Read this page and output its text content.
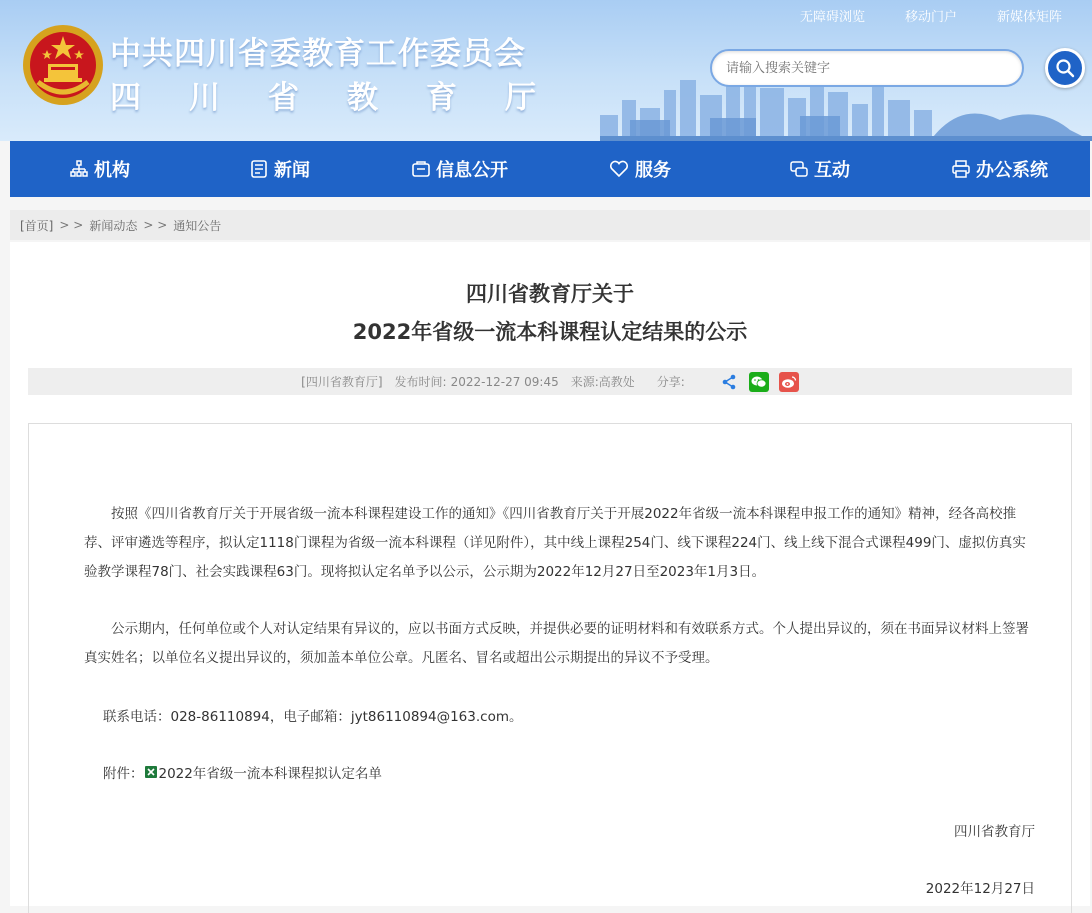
中共四川省委教育工作委员会
四川省教育厅
无障碍浏览	移动门户	新媒体矩阵
请输入搜索关键字
机构	新闻	信息公开	服务	互动	办公系统
[首页] > > 新闻动态 > > 通知公告
四川省教育厅关于
2022年省级一流本科课程认定结果的公示
[四川省教育厅] 发布时间: 2022-12-27 09:45 来源:高教处 分享:
按照《四川省教育厅关于开展省级一流本科课程建设工作的通知》《四川省教育厅关于开展2022年省级一流本科课程申报工作的通知》精神，经各高校推荐、评审遴选等程序，拟认定1118门课程为省级一流本科课程（详见附件），其中线上课程254门、线下课程224门、线上线下混合式课程499门、虚拟仿真实验教学课程78门、社会实践课程63门。现将拟认定名单予以公示，公示期为2022年12月27日至2023年1月3日。
公示期内，任何单位或个人对认定结果有异议的，应以书面方式反映，并提供必要的证明材料和有效联系方式。个人提出异议的，须在书面异议材料上签署真实姓名；以单位名义提出异议的，须加盖本单位公章。凡匿名、冒名或超出公示期提出的异议不予受理。
联系电话：028-86110894，电子邮箱：jyt86110894@163.com。
附件： 2022年省级一流本科课程拟认定名单
四川省教育厅
2022年12月27日
